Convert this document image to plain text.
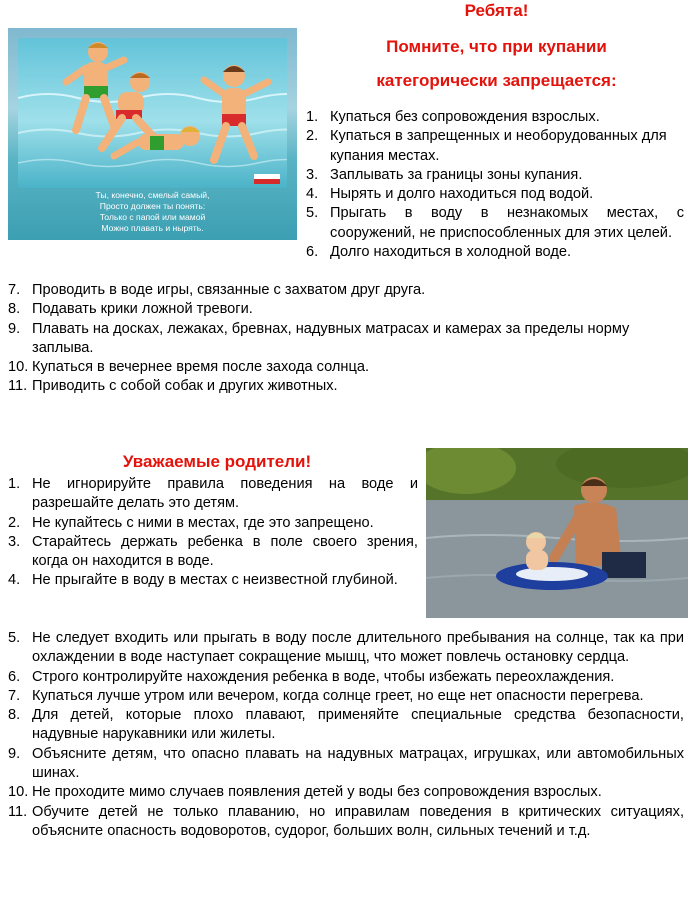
Ребята!
Помните, что при купании
категорически запрещается:
Ты, конечно, смелый самый,
Просто должен ты понять:
Только с папой или мамой
Можно плавать и нырять.
1. Купаться без сопровождения взрослых.
2. Купаться в запрещенных и необорудованных для купания местах.
3. Заплывать за границы зоны купания.
4. Нырять и долго находиться под водой.
5. Прыгать в воду в незнакомых местах, с сооружений, не приспособленных для этих целей.
6. Долго находиться в холодной воде.
7. Проводить в воде игры, связанные с захватом друг друга.
8. Подавать крики ложной тревоги.
9. Плавать на досках, лежаках, бревнах, надувных матрасах и камерах за пределы норму заплыва.
10. Купаться в вечернее время после захода солнца.
11. Приводить с собой собак и других животных.
Уважаемые родители!
1. Не игнорируйте правила поведения на воде и разрешайте делать это детям.
2. Не купайтесь с ними в местах, где это запрещено.
3. Старайтесь держать ребенка в поле своего зрения, когда он находится в воде.
4. Не прыгайте в воду в местах с неизвестной глубиной.
5. Не следует входить или прыгать в воду после длительного пребывания на солнце, так ка при охлаждении в воде наступает сокращение мышц, что может повлечь остановку сердца.
6. Строго контролируйте нахождения ребенка в воде, чтобы избежать переохлаждения.
7. Купаться лучше утром или вечером, когда солнце греет, но еще нет опасности перегрева.
8. Для детей, которые плохо плавают, применяйте специальные средства безопасности, надувные нарукавники или жилеты.
9. Объясните детям, что опасно плавать на надувных матрацах, игрушках, или автомобильных шинах.
10. Не проходите мимо случаев появления детей у воды без сопровождения взрослых.
11. Обучите детей не только плаванию, но иправилам поведения в критических ситуациях, объясните опасность водоворотов, судорог, больших волн, сильных течений и т.д.
